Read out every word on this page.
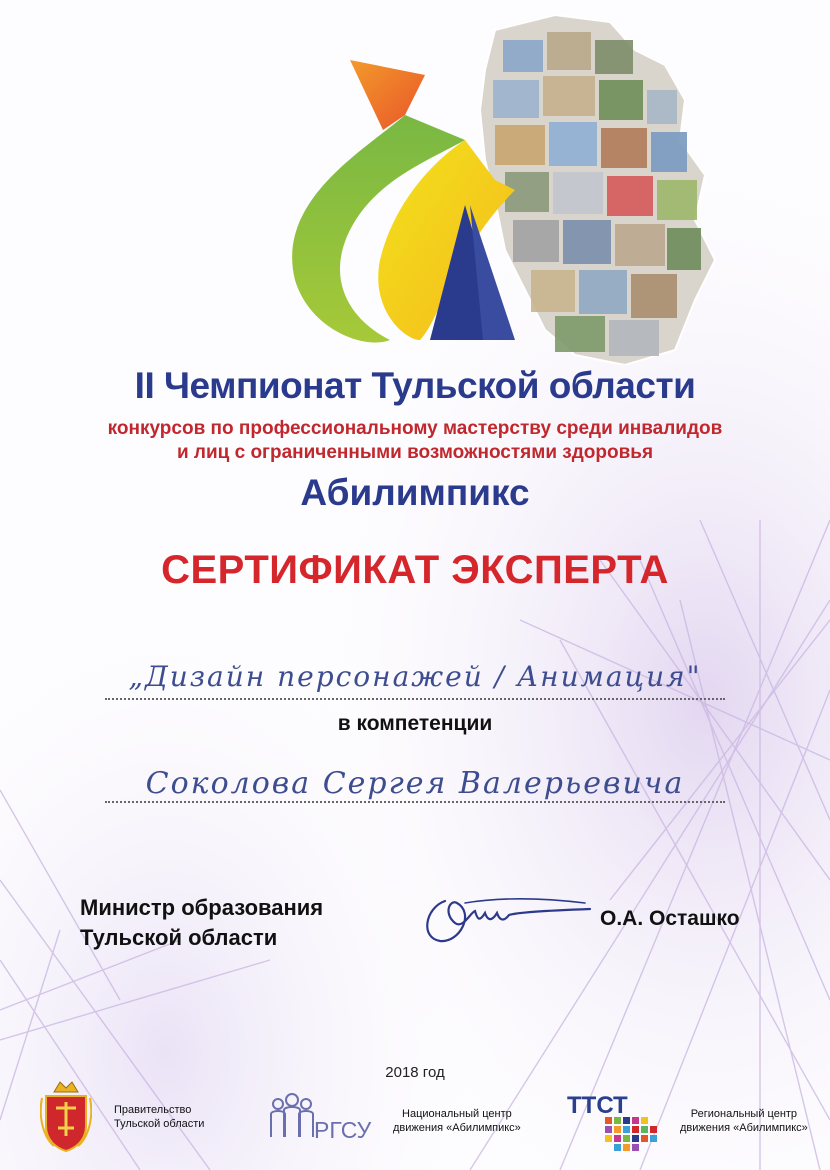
II Чемпионат Тульской области
конкурсов по профессиональному мастерству среди инвалидов
и лиц с ограниченными возможностями здоровья
Абилимпикс
СЕРТИФИКАТ ЭКСПЕРТА
„Дизайн персонажей / Анимация"
в компетенции
Соколова Сергея Валерьевича
Министр образования
Тульской области
О.А. Осташко
2018 год
Правительство
Тульской области	РГСУ
Национальный центр
движения «Абилимпикс»
ТТСТ	Региональный центр
движения «Абилимпикс»
